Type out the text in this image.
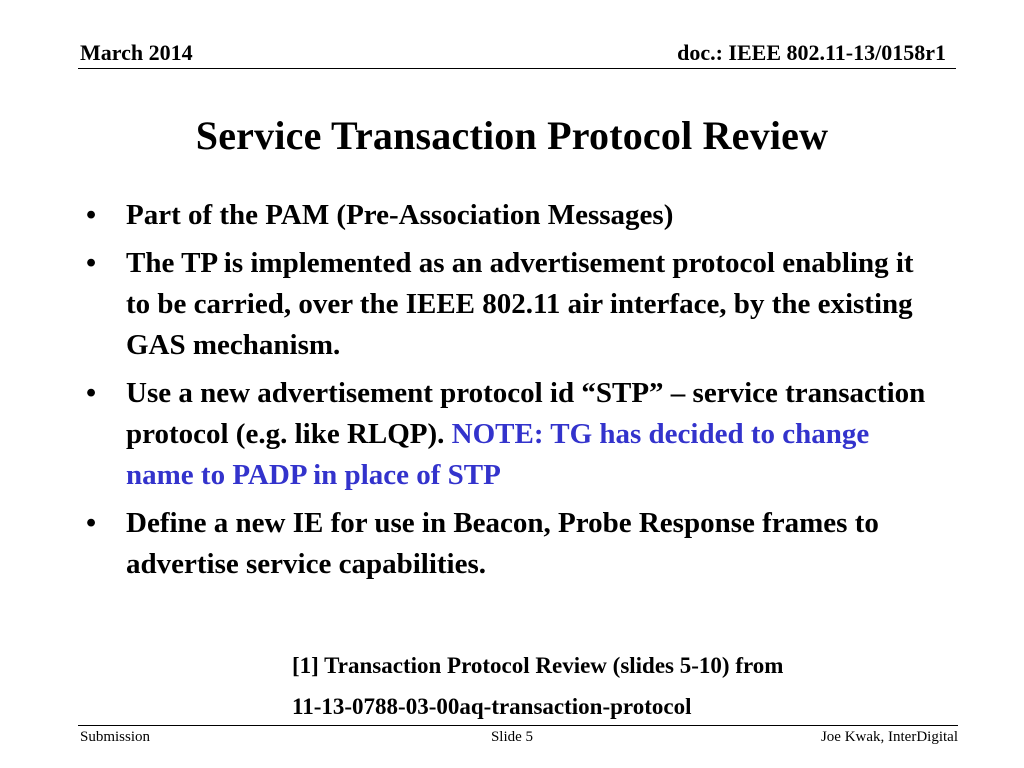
March 2014	doc.: IEEE 802.11-13/0158r1
Service Transaction Protocol Review
• Part of the PAM (Pre-Association Messages)
• The TP is implemented as an advertisement protocol enabling it to be carried, over the IEEE 802.11 air interface, by the existing GAS mechanism.
• Use a new advertisement protocol id “STP” – service transaction protocol (e.g. like RLQP). NOTE: TG has decided to change name to PADP in place of STP
• Define a new IE for use in Beacon, Probe Response frames to advertise service capabilities.
[1] Transaction Protocol Review (slides 5-10) from
11-13-0788-03-00aq-transaction-protocol
Submission	Slide 5	Joe Kwak, InterDigital
